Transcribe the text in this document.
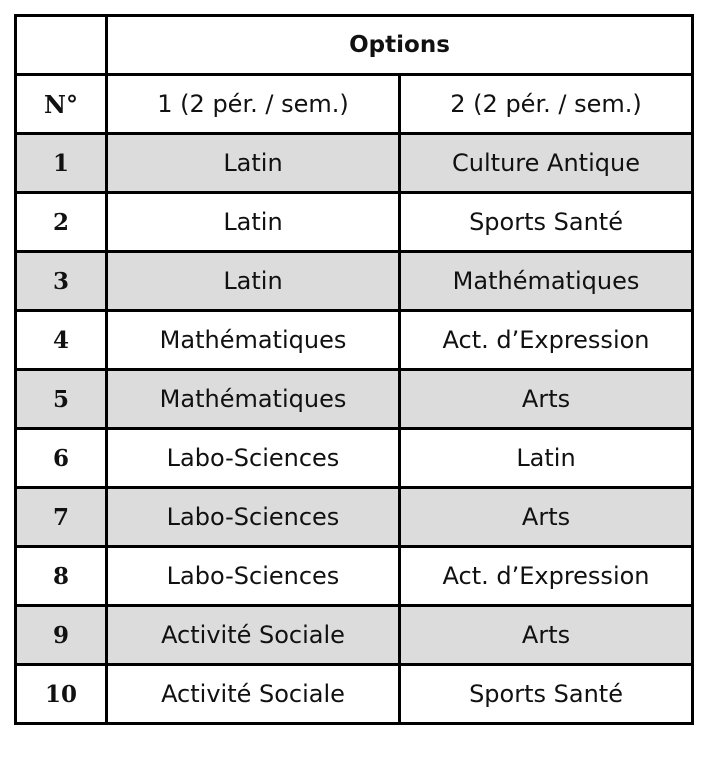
	Options	
N°	1 (2 pér. / sem.)	2 (2 pér. / sem.)
1	Latin	Culture Antique
2	Latin	Sports Santé
3	Latin	Mathématiques
4	Mathématiques	Act. d’Expression
5	Mathématiques	Arts
6	Labo-Sciences	Latin
7	Labo-Sciences	Arts
8	Labo-Sciences	Act. d’Expression
9	Activité Sociale	Arts
10	Activité Sociale	Sports Santé
